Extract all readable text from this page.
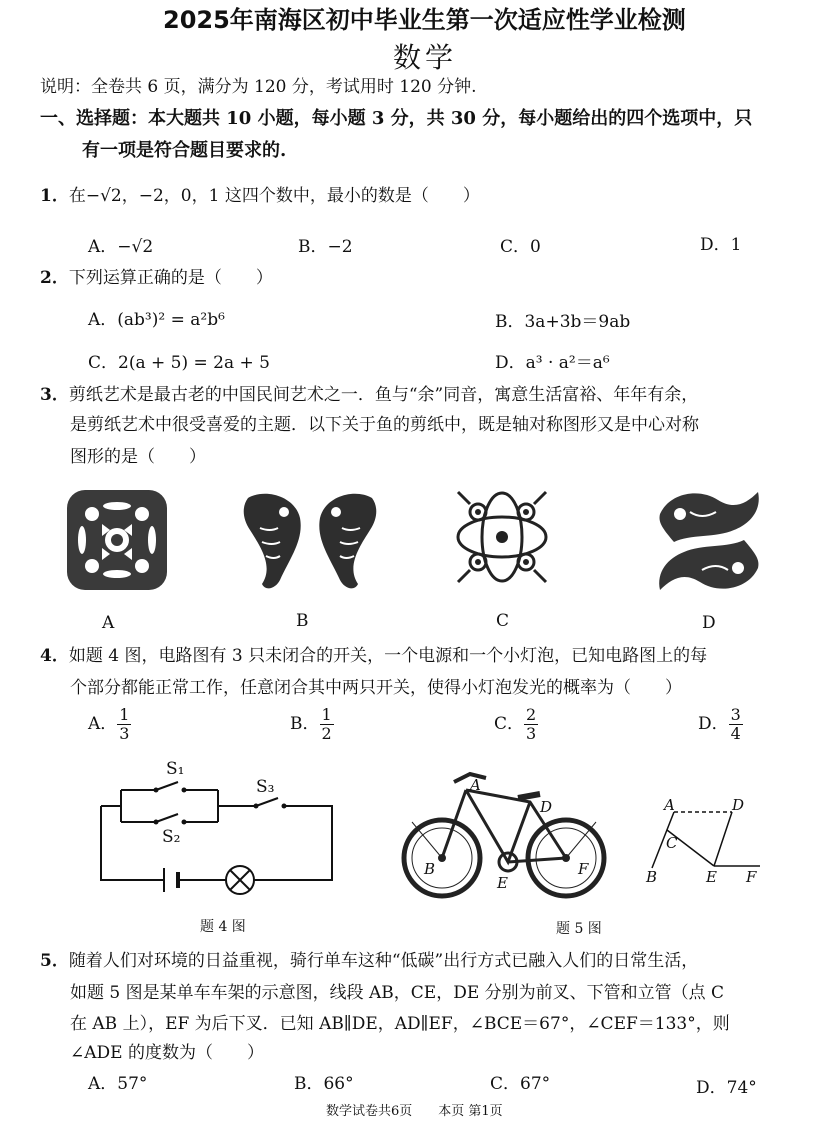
2025年南海区初中毕业生第一次适应性学业检测
数学
说明：全卷共 6 页，满分为 120 分，考试用时 120 分钟.
一、选择题：本大题共 10 小题，每小题 3 分，共 30 分，每小题给出的四个选项中，只
有一项是符合题目要求的.
1．在−√2，−2，0，1 这四个数中，最小的数是（　　）
A．−√2	B．−2	C．0	D．1
2．下列运算正确的是（　　）
A．(ab³)² = a²b⁶	B．3a+3b＝9ab
C．2(a + 5) = 2a + 5	D．a³ · a²＝a⁶
3．剪纸艺术是最古老的中国民间艺术之一．鱼与“余”同音，寓意生活富裕、年年有余，
是剪纸艺术中很受喜爱的主题．以下关于鱼的剪纸中，既是轴对称图形又是中心对称
图形的是（　　）
A	B	C	D
4．如题 4 图，电路图有 3 只未闭合的开关，一个电源和一个小灯泡，已知电路图上的每
个部分都能正常工作，任意闭合其中两只开关，使得小灯泡发光的概率为（　　）
A． $\frac{1}{3}$	B． $\frac{1}{2}$	C． $\frac{2}{3}$	D． $\frac{3}{4}$
S₁
S₂
S₃
题 4 图
A
D
B
E
F
A	D
C
B	E F
题 5 图
5．随着人们对环境的日益重视，骑行单车这种“低碳”出行方式已融入人们的日常生活，
如题 5 图是某单车车架的示意图，线段 AB，CE，DE 分别为前叉、下管和立管（点 C
在 AB 上），EF 为后下叉．已知 AB∥DE，AD∥EF，∠BCE＝67°，∠CEF＝133°，则
∠ADE 的度数为（　　）
A．57°	B．66°	C．67°	D．74°
数学试卷共6页　　本页 第1页
